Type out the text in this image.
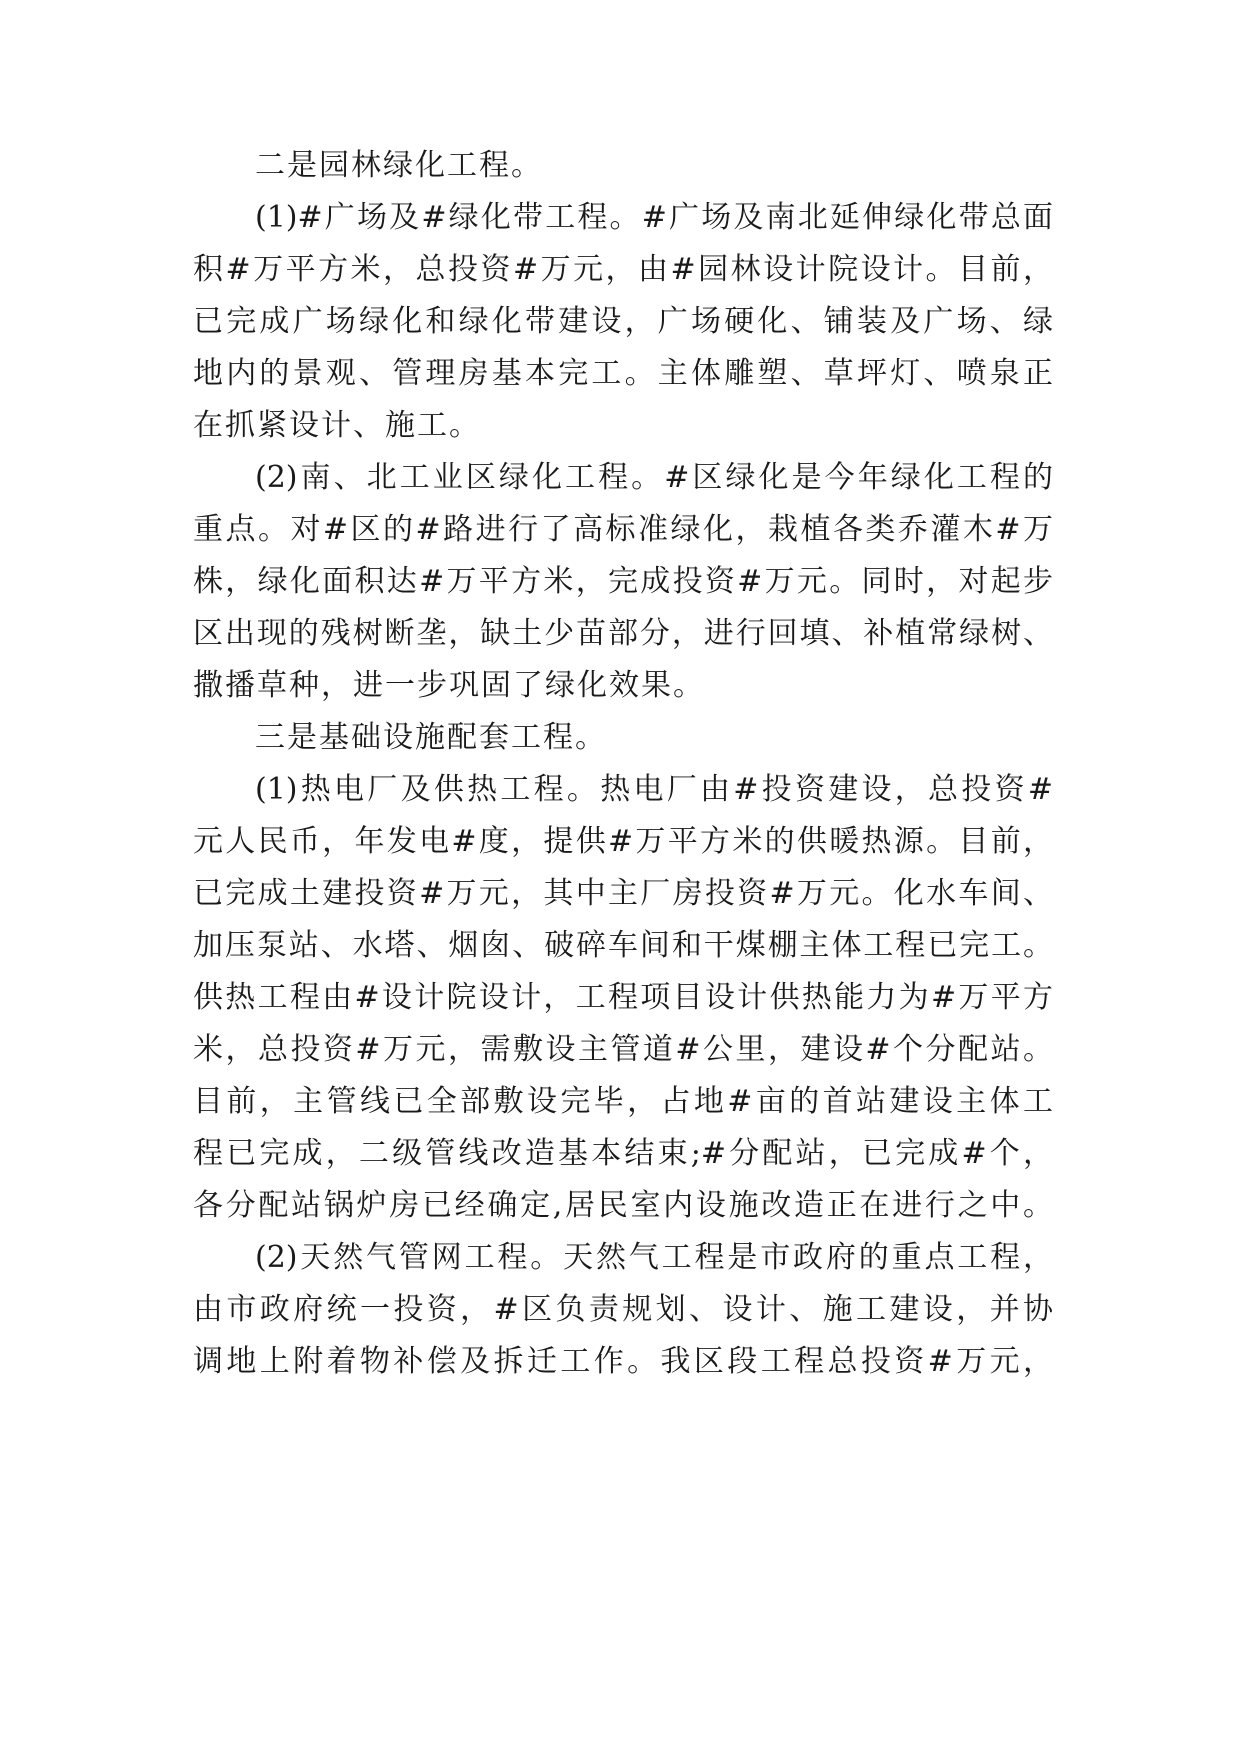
二是园林绿化工程。
(1)#广场及#绿化带工程。#广场及南北延伸绿化带总面
积#万平方米，总投资#万元，由#园林设计院设计。目前，
已完成广场绿化和绿化带建设，广场硬化、铺装及广场、绿
地内的景观、管理房基本完工。主体雕塑、草坪灯、喷泉正
在抓紧设计、施工。
(2)南、北工业区绿化工程。#区绿化是今年绿化工程的
重点。对#区的#路进行了高标准绿化，栽植各类乔灌木#万
株，绿化面积达#万平方米，完成投资#万元。同时，对起步
区出现的残树断垄，缺土少苗部分，进行回填、补植常绿树、
撒播草种，进一步巩固了绿化效果。
三是基础设施配套工程。
(1)热电厂及供热工程。热电厂由#投资建设，总投资#
元人民币，年发电#度，提供#万平方米的供暖热源。目前，
已完成土建投资#万元，其中主厂房投资#万元。化水车间、
加压泵站、水塔、烟囱、破碎车间和干煤棚主体工程已完工。
供热工程由#设计院设计，工程项目设计供热能力为#万平方
米，总投资#万元，需敷设主管道#公里，建设#个分配站。
目前，主管线已全部敷设完毕，占地#亩的首站建设主体工
程已完成，二级管线改造基本结束;#分配站，已完成#个，
各分配站锅炉房已经确定,居民室内设施改造正在进行之中。
(2)天然气管网工程。天然气工程是市政府的重点工程，
由市政府统一投资，#区负责规划、设计、施工建设，并协
调地上附着物补偿及拆迁工作。我区段工程总投资#万元，
